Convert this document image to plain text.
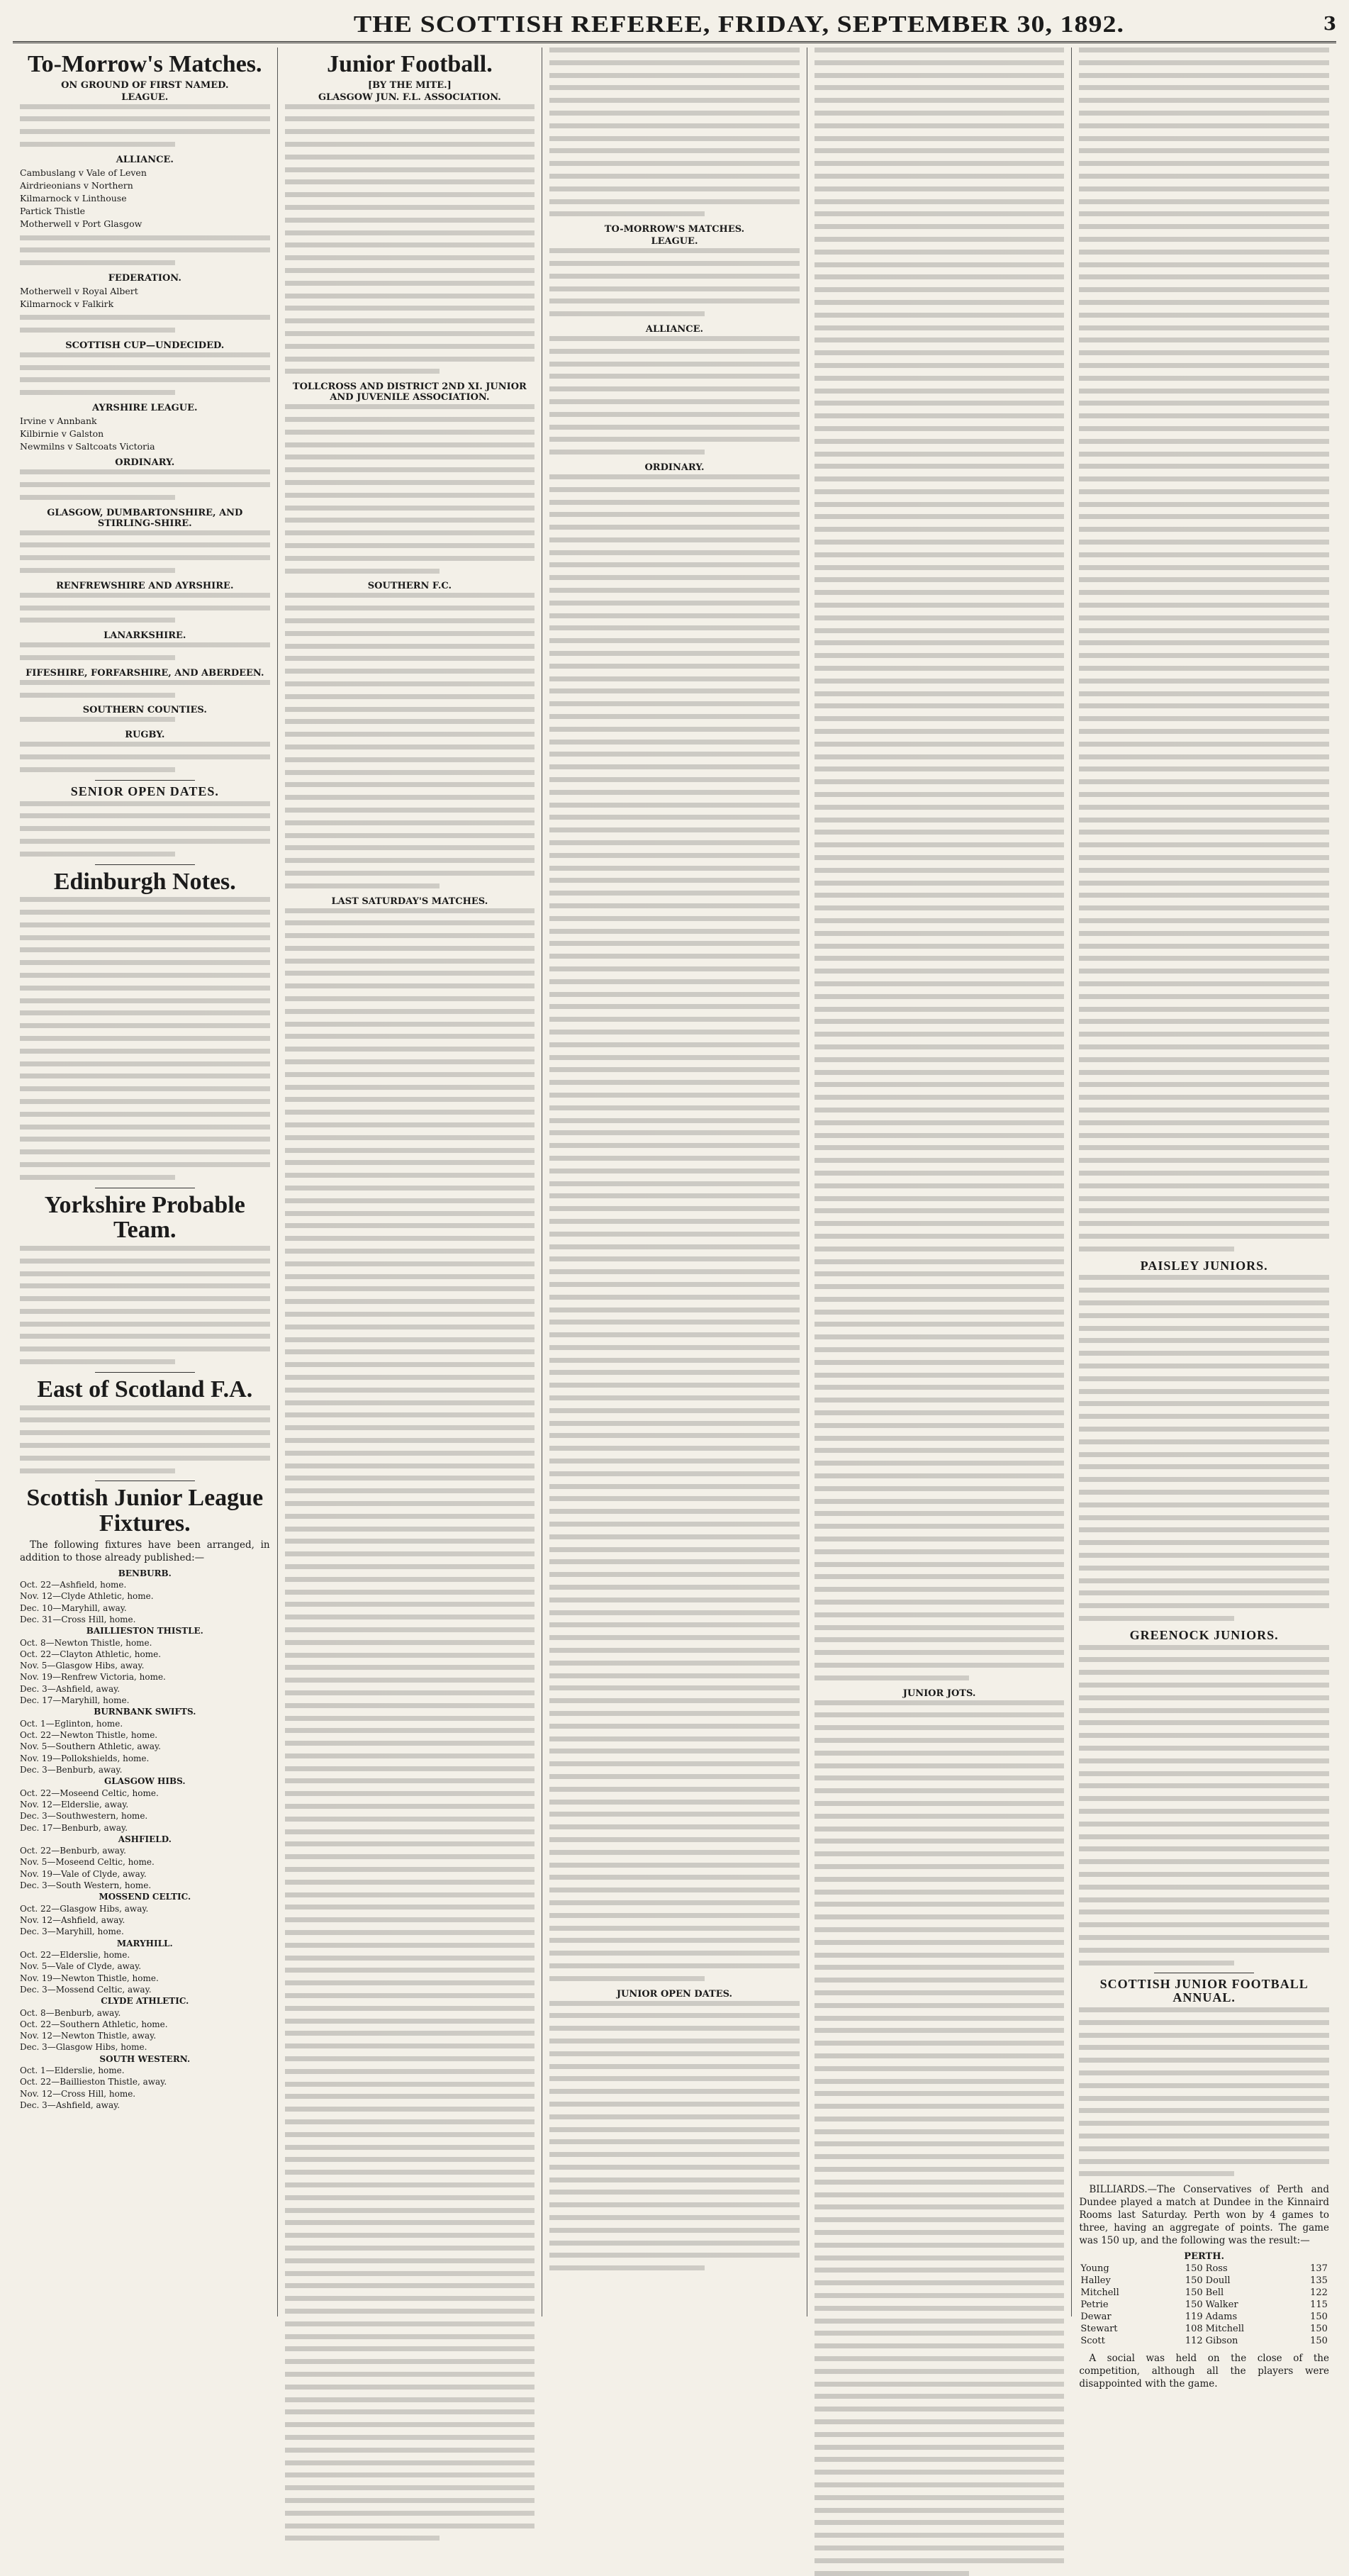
THE SCOTTISH REFEREE, FRIDAY, SEPTEMBER 30, 1892.	3
To-Morrow's Matches.
ON GROUND OF FIRST NAMED.
LEAGUE.
ALLIANCE.
Cambuslang v Vale of Leven
Airdrieonians v Northern
Kilmarnock v Linthouse
Partick Thistle
Motherwell v Port Glasgow
FEDERATION.
Motherwell v Royal Albert
Kilmarnock v Falkirk
SCOTTISH CUP—UNDECIDED.
AYRSHIRE LEAGUE.
Irvine v Annbank
Kilbirnie v Galston
Newmilns v Saltcoats Victoria
ORDINARY.
GLASGOW, DUMBARTONSHIRE, AND STIRLING-SHIRE.
RENFREWSHIRE AND AYRSHIRE.
LANARKSHIRE.
FIFESHIRE, FORFARSHIRE, AND ABERDEEN.
SOUTHERN COUNTIES.
RUGBY.
SENIOR OPEN DATES.
Edinburgh Notes.
Yorkshire Probable Team.
East of Scotland F.A.
Scottish Junior League Fixtures.

The following fixtures have been arranged, in addition to those already published:—

BENBURB.
Oct. 22—Ashfield, home.
Nov. 12—Clyde Athletic, home.
Dec. 10—Maryhill, away.
Dec. 31—Cross Hill, home.
BAILLIESTON THISTLE.
Oct. 8—Newton Thistle, home.
Oct. 22—Clayton Athletic, home.
Nov. 5—Glasgow Hibs, away.
Nov. 19—Renfrew Victoria, home.
Dec. 3—Ashfield, away.
Dec. 17—Maryhill, home.
BURNBANK SWIFTS.
Oct. 1—Eglinton, home.
Oct. 22—Newton Thistle, home.
Nov. 5—Southern Athletic, away.
Nov. 19—Pollokshields, home.
Dec. 3—Benburb, away.
GLASGOW HIBS.
Oct. 22—Moseend Celtic, home.
Nov. 12—Elderslie, away.
Dec. 3—Southwestern, home.
Dec. 17—Benburb, away.
ASHFIELD.
Oct. 22—Benburb, away.
Nov. 5—Moseend Celtic, home.
Nov. 19—Vale of Clyde, away.
Dec. 3—South Western, home.
MOSSEND CELTIC.
Oct. 22—Glasgow Hibs, away.
Nov. 12—Ashfield, away.
Dec. 3—Maryhill, home.
MARYHILL.
Oct. 22—Elderslie, home.
Nov. 5—Vale of Clyde, away.
Nov. 19—Newton Thistle, home.
Dec. 3—Mossend Celtic, away.
CLYDE ATHLETIC.
Oct. 8—Benburb, away.
Oct. 22—Southern Athletic, home.
Nov. 12—Newton Thistle, away.
Dec. 3—Glasgow Hibs, home.
SOUTH WESTERN.
Oct. 1—Elderslie, home.
Oct. 22—Baillieston Thistle, away.
Nov. 12—Cross Hill, home.
Dec. 3—Ashfield, away.
Junior Football.
[BY THE MITE.]
GLASGOW JUN. F.L. ASSOCIATION.
TOLLCROSS AND DISTRICT 2ND XI. JUNIOR AND JUVENILE ASSOCIATION.
SOUTHERN F.C.
LAST SATURDAY'S MATCHES.
TO-MORROW'S MATCHES.
LEAGUE.
ALLIANCE.
ORDINARY.
JUNIOR OPEN DATES.
JUNIOR JOTS.
PAISLEY JUNIORS.
GREENOCK JUNIORS.
SCOTTISH JUNIOR FOOTBALL ANNUAL.

BILLIARDS.—The Conservatives of Perth and Dundee played a match at Dundee in the Kinnaird Rooms last Saturday. Perth won by 4 games to three, having an aggregate of points. The game was 150 up, and the following was the result:—

PERTH.			
Young	150	Ross	137
Halley	150	Doull	135
Mitchell	150	Bell	122
Petrie	150	Walker	115
Dewar	119	Adams	150
Stewart	108	Mitchell	150
Scott	112	Gibson	150

A social was held on the close of the competition, although all the players were disappointed with the game.
